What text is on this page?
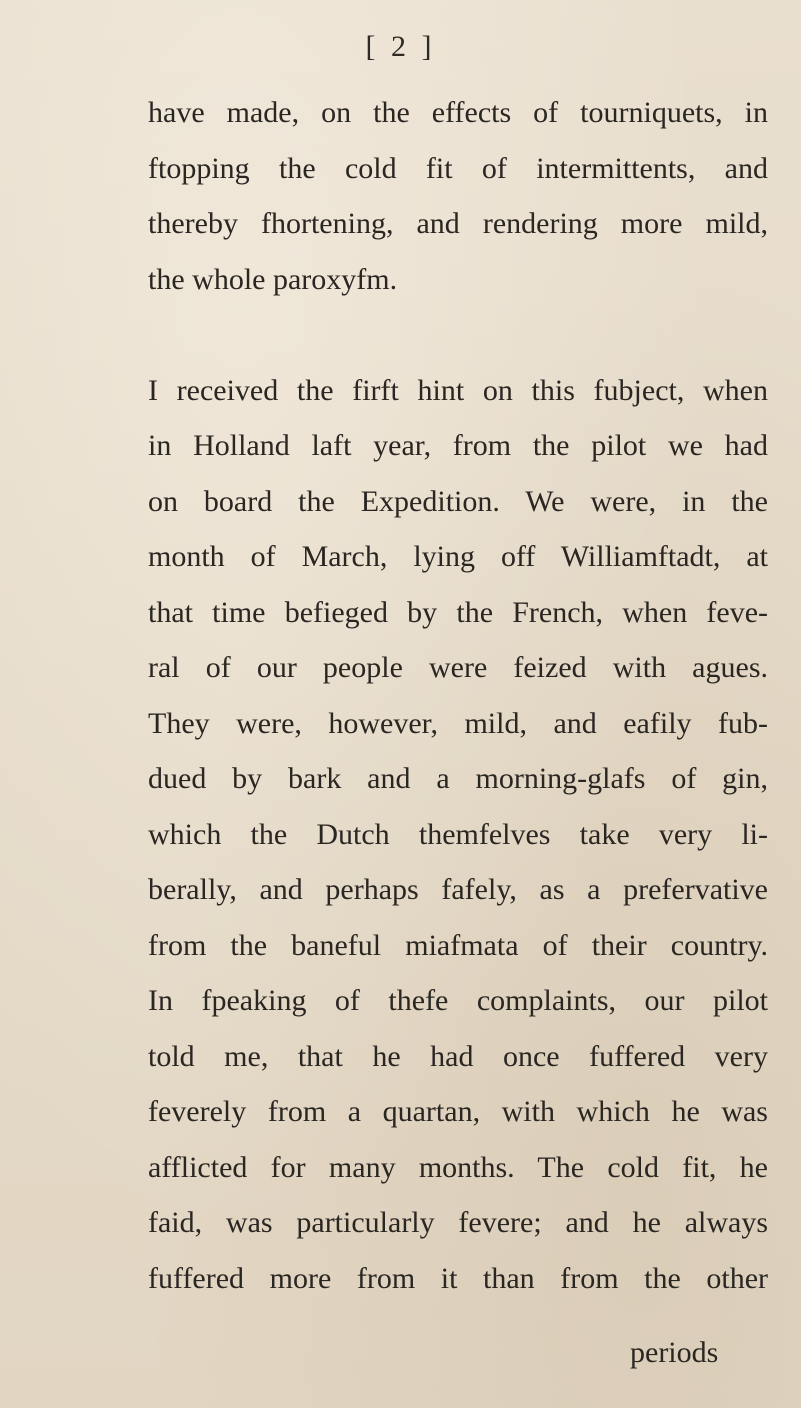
[ 2 ]
have made, on the effects of tourniquets, in
ftopping the cold fit of intermittents, and
thereby fhortening, and rendering more mild,
the whole paroxyfm.
I received the firft hint on this fubject, when
in Holland laft year, from the pilot we had
on board the Expedition. We were, in the
month of March, lying off Williamftadt, at
that time befieged by the French, when feve-
ral of our people were feized with agues.
They were, however, mild, and eafily fub-
dued by bark and a morning-glafs of gin,
which the Dutch themfelves take very li-
berally, and perhaps fafely, as a prefervative
from the baneful miafmata of their country.
In fpeaking of thefe complaints, our pilot
told me, that he had once fuffered very
feverely from a quartan, with which he was
afflicted for many months. The cold fit, he
faid, was particularly fevere; and he always
fuffered more from it than from the other
periods
